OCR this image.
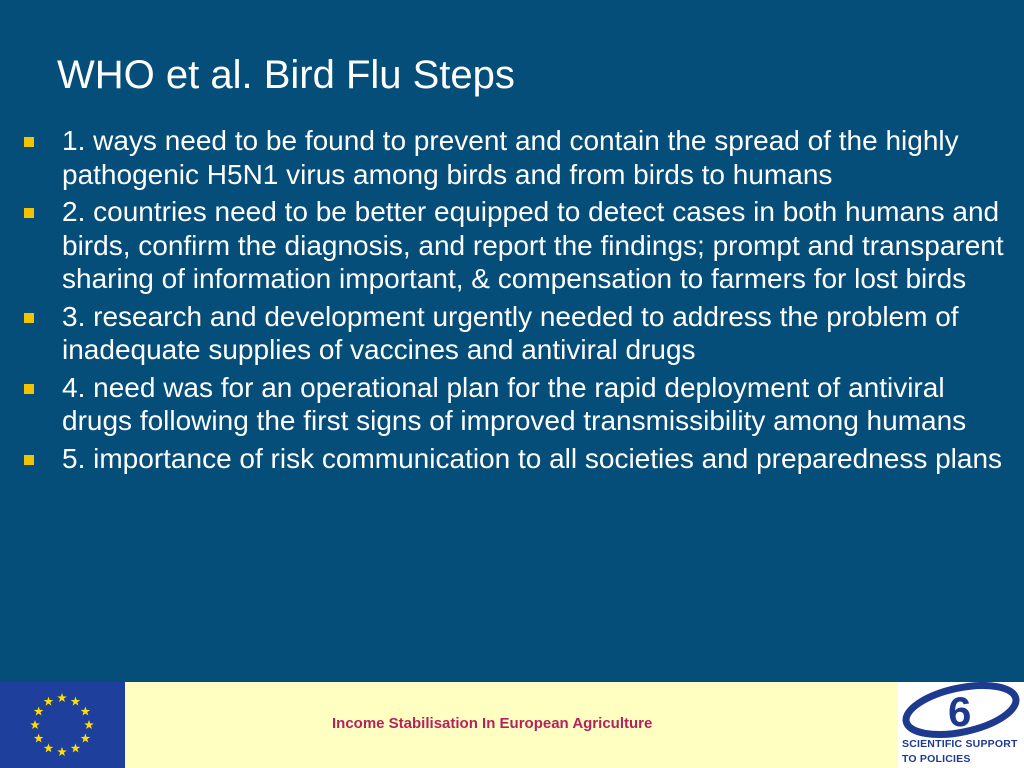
WHO et al. Bird Flu Steps
1. ways need to be found to prevent and contain the spread of the highly pathogenic H5N1 virus among birds and from birds to humans
2. countries need to be better equipped to detect cases in both humans and birds, confirm the diagnosis, and report the findings; prompt and transparent sharing of information important, & compensation to farmers for lost birds
3. research and development urgently needed to address the problem of inadequate supplies of vaccines and antiviral drugs
4. need was for an operational plan for the rapid deployment of antiviral drugs following the first signs of improved transmissibility among humans
5. importance of risk communication to all societies and preparedness plans
Income Stabilisation In European Agriculture	6
SCIENTIFIC SUPPORT
TO POLICIES
